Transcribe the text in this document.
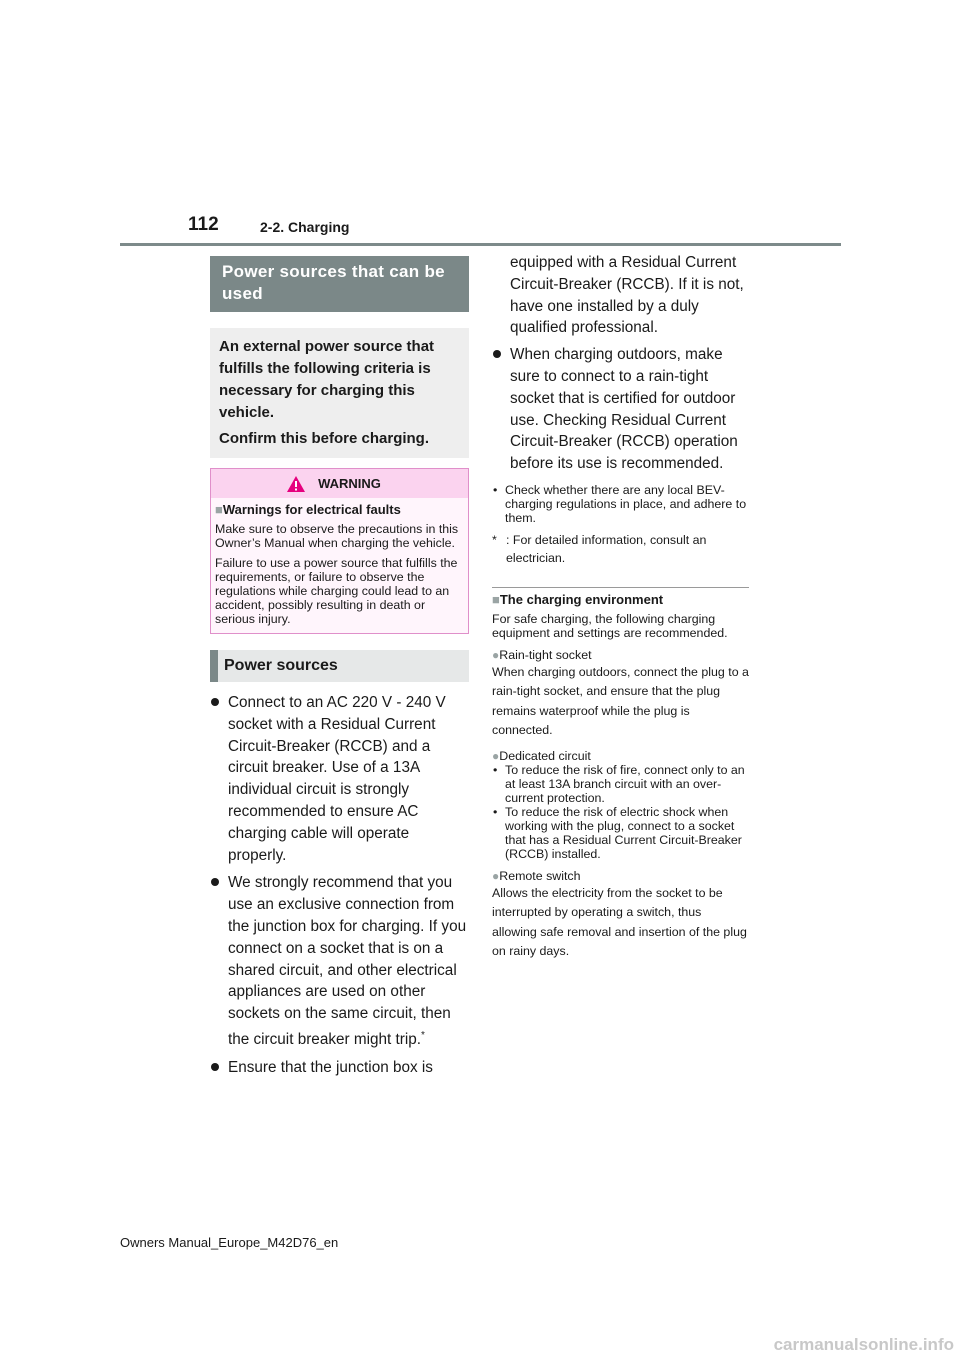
112	2-2. Charging
Power sources that can be used

An external power source that fulfills the following criteria is necessary for charging this vehicle.

Confirm this before charging.

WARNING
■Warnings for electrical faults

Make sure to observe the precautions in this Owner’s Manual when charging the vehicle.

Failure to use a power source that fulfills the requirements, or failure to observe the regulations while charging could lead to an accident, possibly resulting in death or serious injury.

Power sources
Connect to an AC 220 V - 240 V socket with a Residual Current Circuit-Breaker (RCCB) and a circuit breaker. Use of a 13A individual circuit is strongly recommended to ensure AC charging cable will operate properly.
We strongly recommend that you use an exclusive connection from the junction box for charging. If you connect on a socket that is on a shared circuit, and other electrical appliances are used on other sockets on the same circuit, then the circuit breaker might trip.*
Ensure that the junction box is
equipped with a Residual Current Circuit-Breaker (RCCB). If it is not, have one installed by a duly qualified professional.
When charging outdoors, make sure to connect to a rain-tight socket that is certified for outdoor use. Checking Residual Current Circuit-Breaker (RCCB) operation before its use is recommended.
• Check whether there are any local BEV-charging regulations in place, and adhere to them.
* : For detailed information, consult an electrician.
■The charging environment
For safe charging, the following charging equipment and settings are recommended.
●Rain-tight socket
When charging outdoors, connect the plug to a rain-tight socket, and ensure that the plug remains waterproof while the plug is connected.
●Dedicated circuit
• To reduce the risk of fire, connect only to an at least 13A branch circuit with an over-current protection.
• To reduce the risk of electric shock when working with the plug, connect to a socket that has a Residual Current Circuit-Breaker (RCCB) installed.
●Remote switch
Allows the electricity from the socket to be interrupted by operating a switch, thus allowing safe removal and insertion of the plug on rainy days.
Owners Manual_Europe_M42D76_en
carmanualsonline.info
